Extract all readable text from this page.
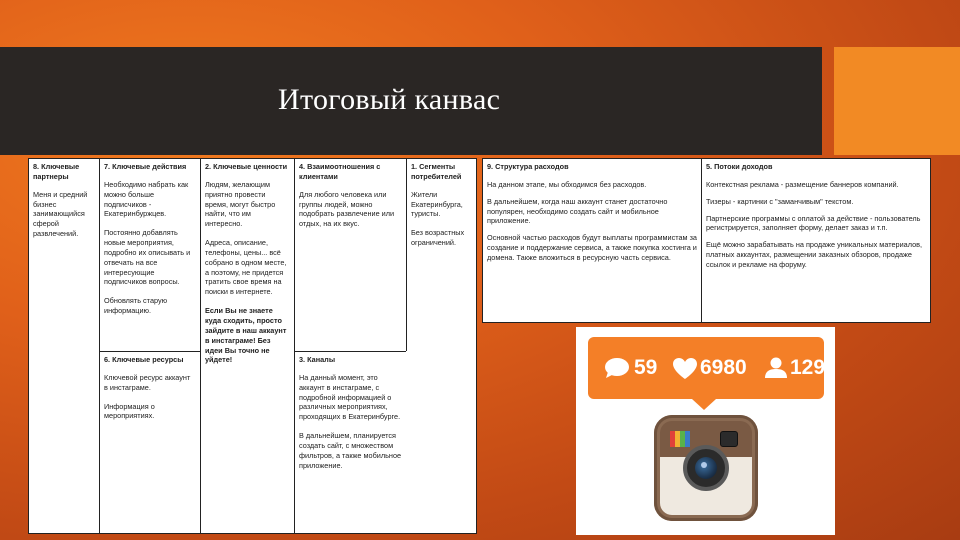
Итоговый канвас
8. Ключевые партнеры

Меня и средний бизнес занимающийся сферой развлечений.

7. Ключевые действия

Необходимо набрать как можно больше подписчиков - Екатеринбуржцев.

Постоянно добавлять новые мероприятия, подробно их описывать и отвечать на все интересующие подписчиков вопросы.

Обновлять старую информацию.

6. Ключевые ресурсы

Ключевой ресурс аккаунт в инстаграме.

Информация о мероприятиях.

2. Ключевые ценности

Людям, желающим приятно провести время, могут быстро найти, что им интересно.

Адреса, описание, телефоны, цены... всё собрано в одном месте, а поэтому, не придется тратить свое время на поиски в интернете.

Если Вы не знаете куда сходить, просто зайдите в наш аккаунт в инстаграме! Без идеи Вы точно не уйдете!

4. Взаимоотношения с клиентами

Для любого человека или группы людей, можно подобрать развлечение или отдых, на их вкус.

3. Каналы

На данный момент, это аккаунт в инстаграме, с подробной информацией о различных мероприятиях, проходящих в Екатеринбурге.

В дальнейшем, планируется создать сайт, с множеством фильтров, а также мобильное приложение.

1. Сегменты потребителей

Жители Екатеринбурга, туристы.

Без возрастных ограничений.

9. Структура расходов

На данном этапе, мы обходимся без расходов.

В дальнейшем, когда наш аккаунт станет достаточно популярен, необходимо создать сайт и мобильное приложение.

Основной частью расходов будут выплаты программистам за создание и поддержание сервиса, а также покупка хостинга и домена. Также вложиться в ресурсную часть сервиса.

5. Потоки доходов

Контекстная реклама - размещение баннеров компаний.

Тизеры - картинки с "заманчивым" текстом.

Партнерские программы с оплатой за действие - пользователь регистрируется, заполняет форму, делает заказ и т.п.

Ещё можно зарабатывать на продаже уникальных материалов, платных аккаунтах, размещении заказных обзоров, продаже ссылок и рекламе на форуму.

59 6980 129
